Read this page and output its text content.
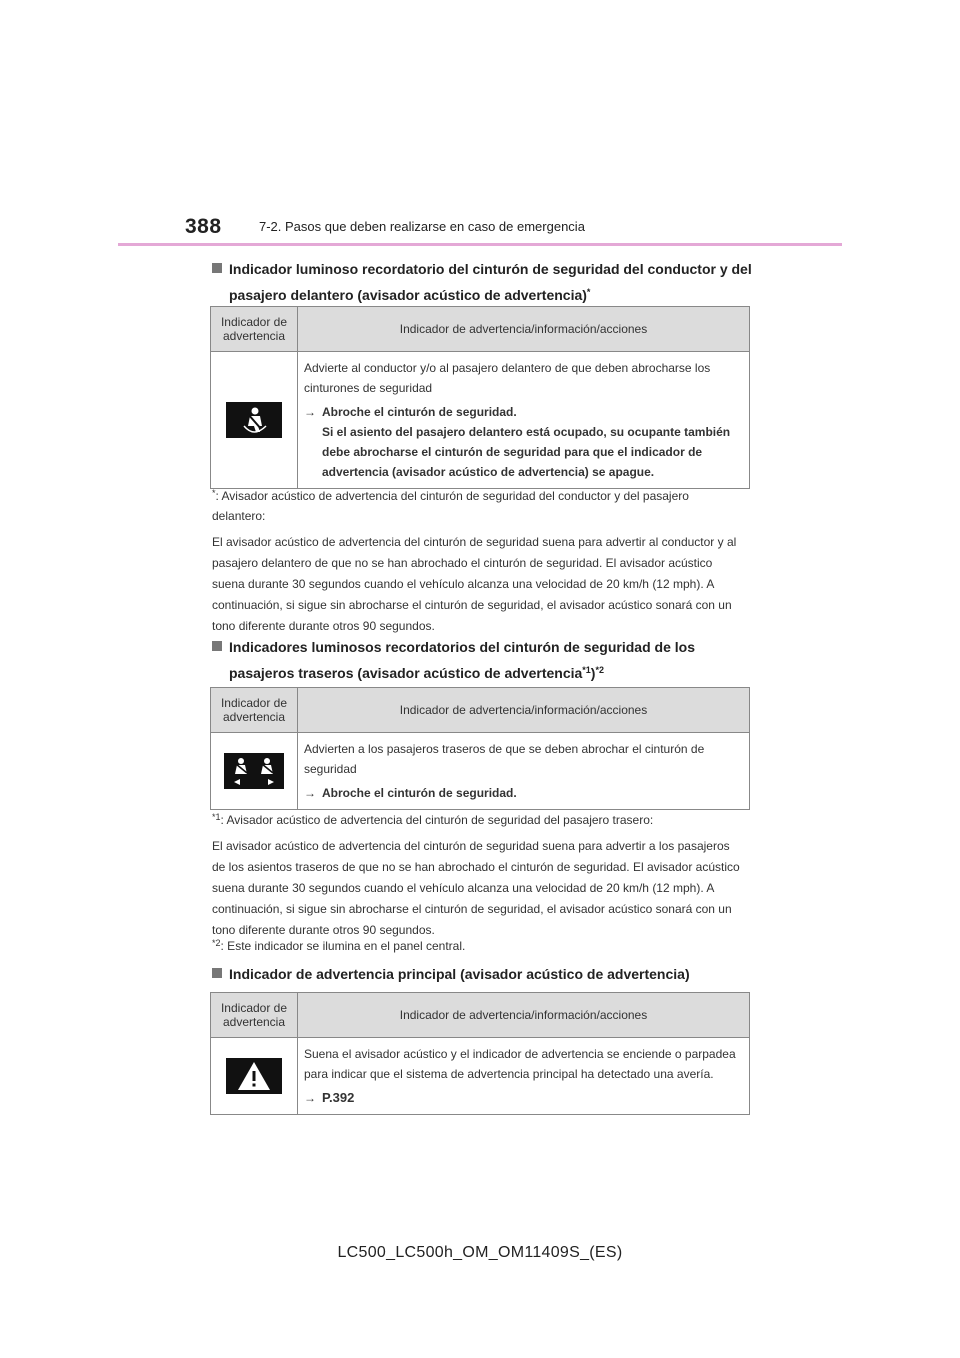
388	7-2. Pasos que deben realizarse en caso de emergencia
Indicador luminoso recordatorio del cinturón de seguridad del conductor y del pasajero delantero (avisador acústico de advertencia)*
Indicador de advertencia	Indicador de advertencia/información/acciones

Advierte al conductor y/o al pasajero delantero de que deben abrocharse los cinturones de seguridad
→ Abroche el cinturón de seguridad.
Si el asiento del pasajero delantero está ocupado, su ocupante también debe abrocharse el cinturón de seguridad para que el indicador de advertencia (avisador acústico de advertencia) se apague.
*: Avisador acústico de advertencia del cinturón de seguridad del conductor y del pasajero delantero:
El avisador acústico de advertencia del cinturón de seguridad suena para advertir al conductor y al pasajero delantero de que no se han abrochado el cinturón de seguridad. El avisador acústico suena durante 30 segundos cuando el vehículo alcanza una velocidad de 20 km/h (12 mph). A continuación, si sigue sin abrocharse el cinturón de seguridad, el avisador acústico sonará con un tono diferente durante otros 90 segundos.
Indicadores luminosos recordatorios del cinturón de seguridad de los pasajeros traseros (avisador acústico de advertencia$^{*1}$)$^{*2}$
Indicador de advertencia	Indicador de advertencia/información/acciones

Advierten a los pasajeros traseros de que se deben abrochar el cinturón de seguridad
→ Abroche el cinturón de seguridad.
$^{*1}$: Avisador acústico de advertencia del cinturón de seguridad del pasajero trasero:
El avisador acústico de advertencia del cinturón de seguridad suena para advertir a los pasajeros de los asientos traseros de que no se han abrochado el cinturón de seguridad. El avisador acústico suena durante 30 segundos cuando el vehículo alcanza una velocidad de 20 km/h (12 mph). A continuación, si sigue sin abrocharse el cinturón de seguridad, el avisador acústico sonará con un tono diferente durante otros 90 segundos.
$^{*2}$: Este indicador se ilumina en el panel central.
Indicador de advertencia principal (avisador acústico de advertencia)
Indicador de advertencia	Indicador de advertencia/información/acciones

Suena el avisador acústico y el indicador de advertencia se enciende o parpadea para indicar que el sistema de advertencia principal ha detectado una avería.
→ P.392
LC500_LC500h_OM_OM11409S_(ES)
